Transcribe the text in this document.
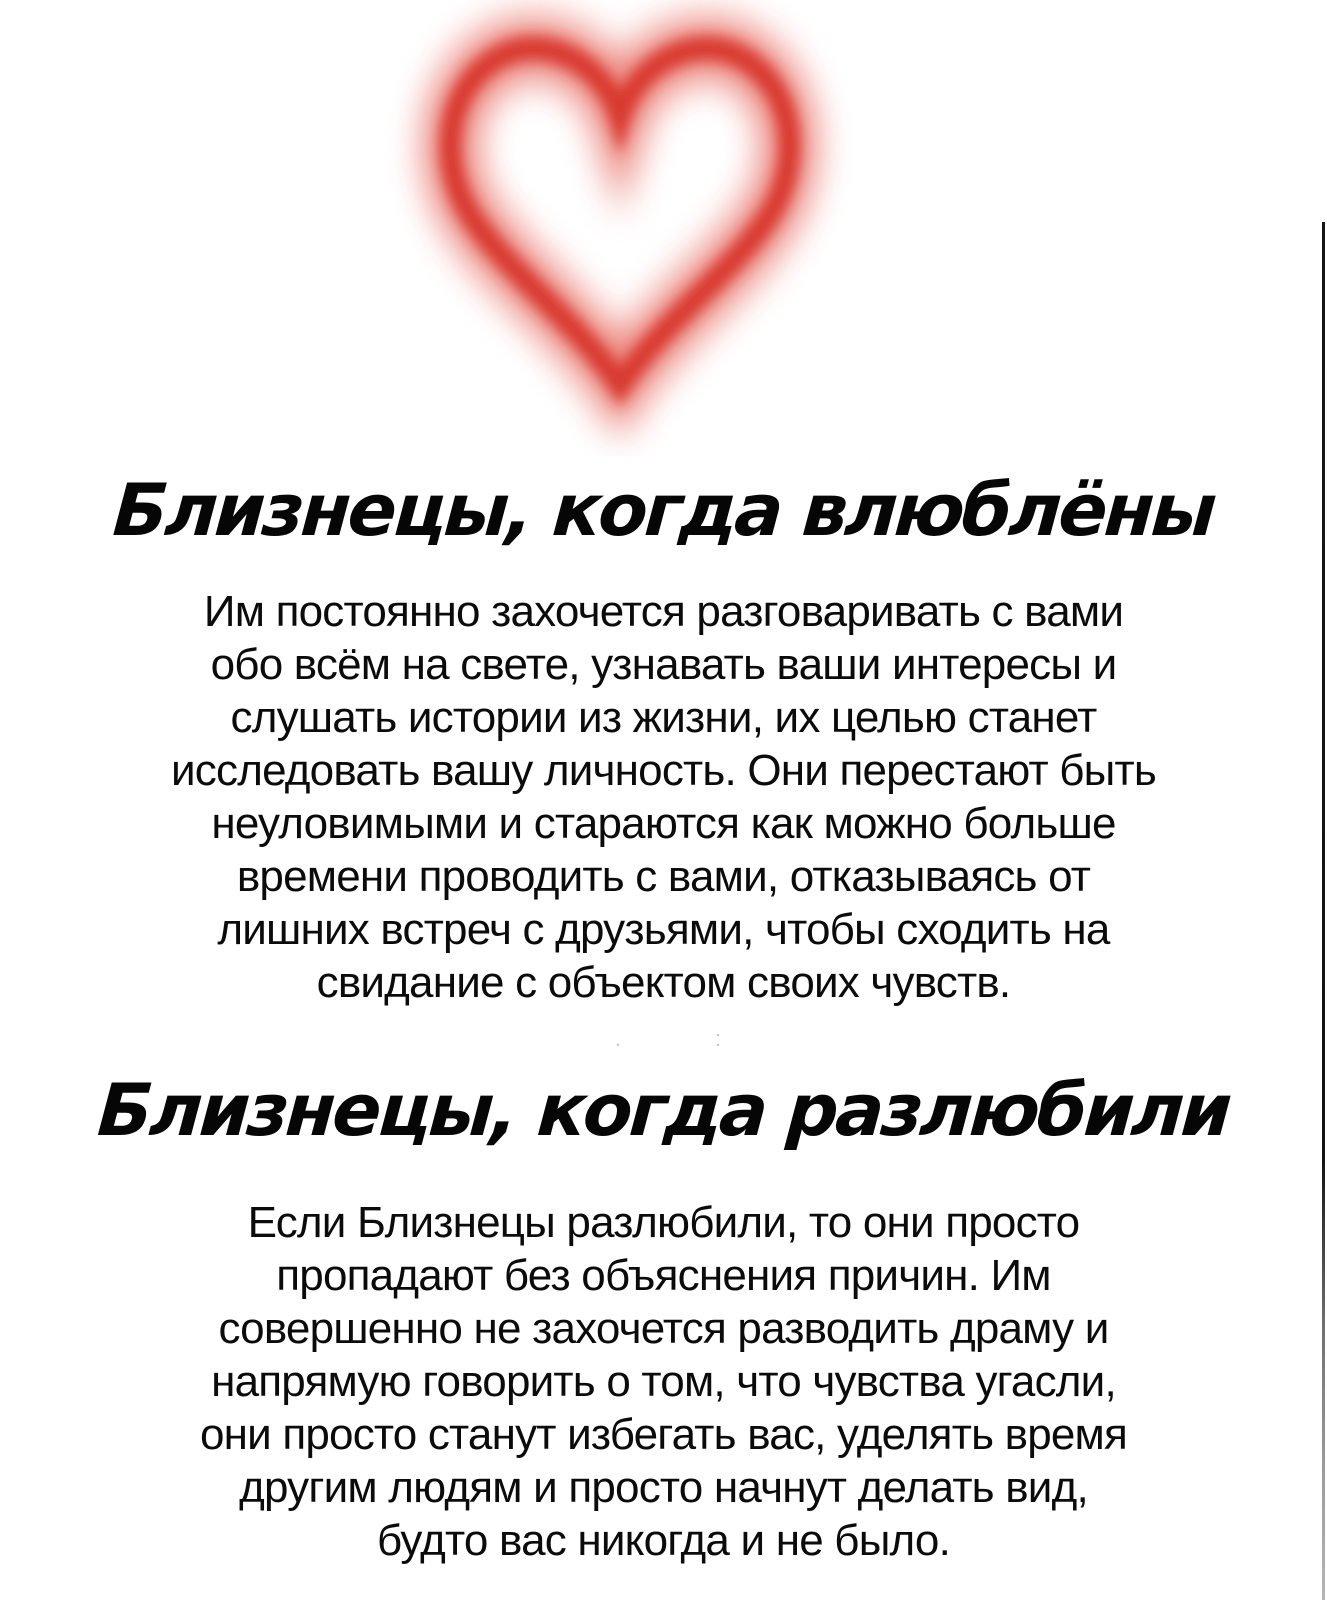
Близнецы, когда влюблёны
Им постоянно захочется разговаривать с вами
обо всём на свете, узнавать ваши интересы и
слушать истории из жизни, их целью станет
исследовать вашу личность. Они перестают быть
неуловимыми и стараются как можно больше
времени проводить с вами, отказываясь от
лишних встреч с друзьями, чтобы сходить на
свидание с объектом своих чувств.
. :
Близнецы, когда разлюбили
Если Близнецы разлюбили, то они просто
пропадают без объяснения причин. Им
совершенно не захочется разводить драму и
напрямую говорить о том, что чувства угасли,
они просто станут избегать вас, уделять время
другим людям и просто начнут делать вид,
будто вас никогда и не было.
